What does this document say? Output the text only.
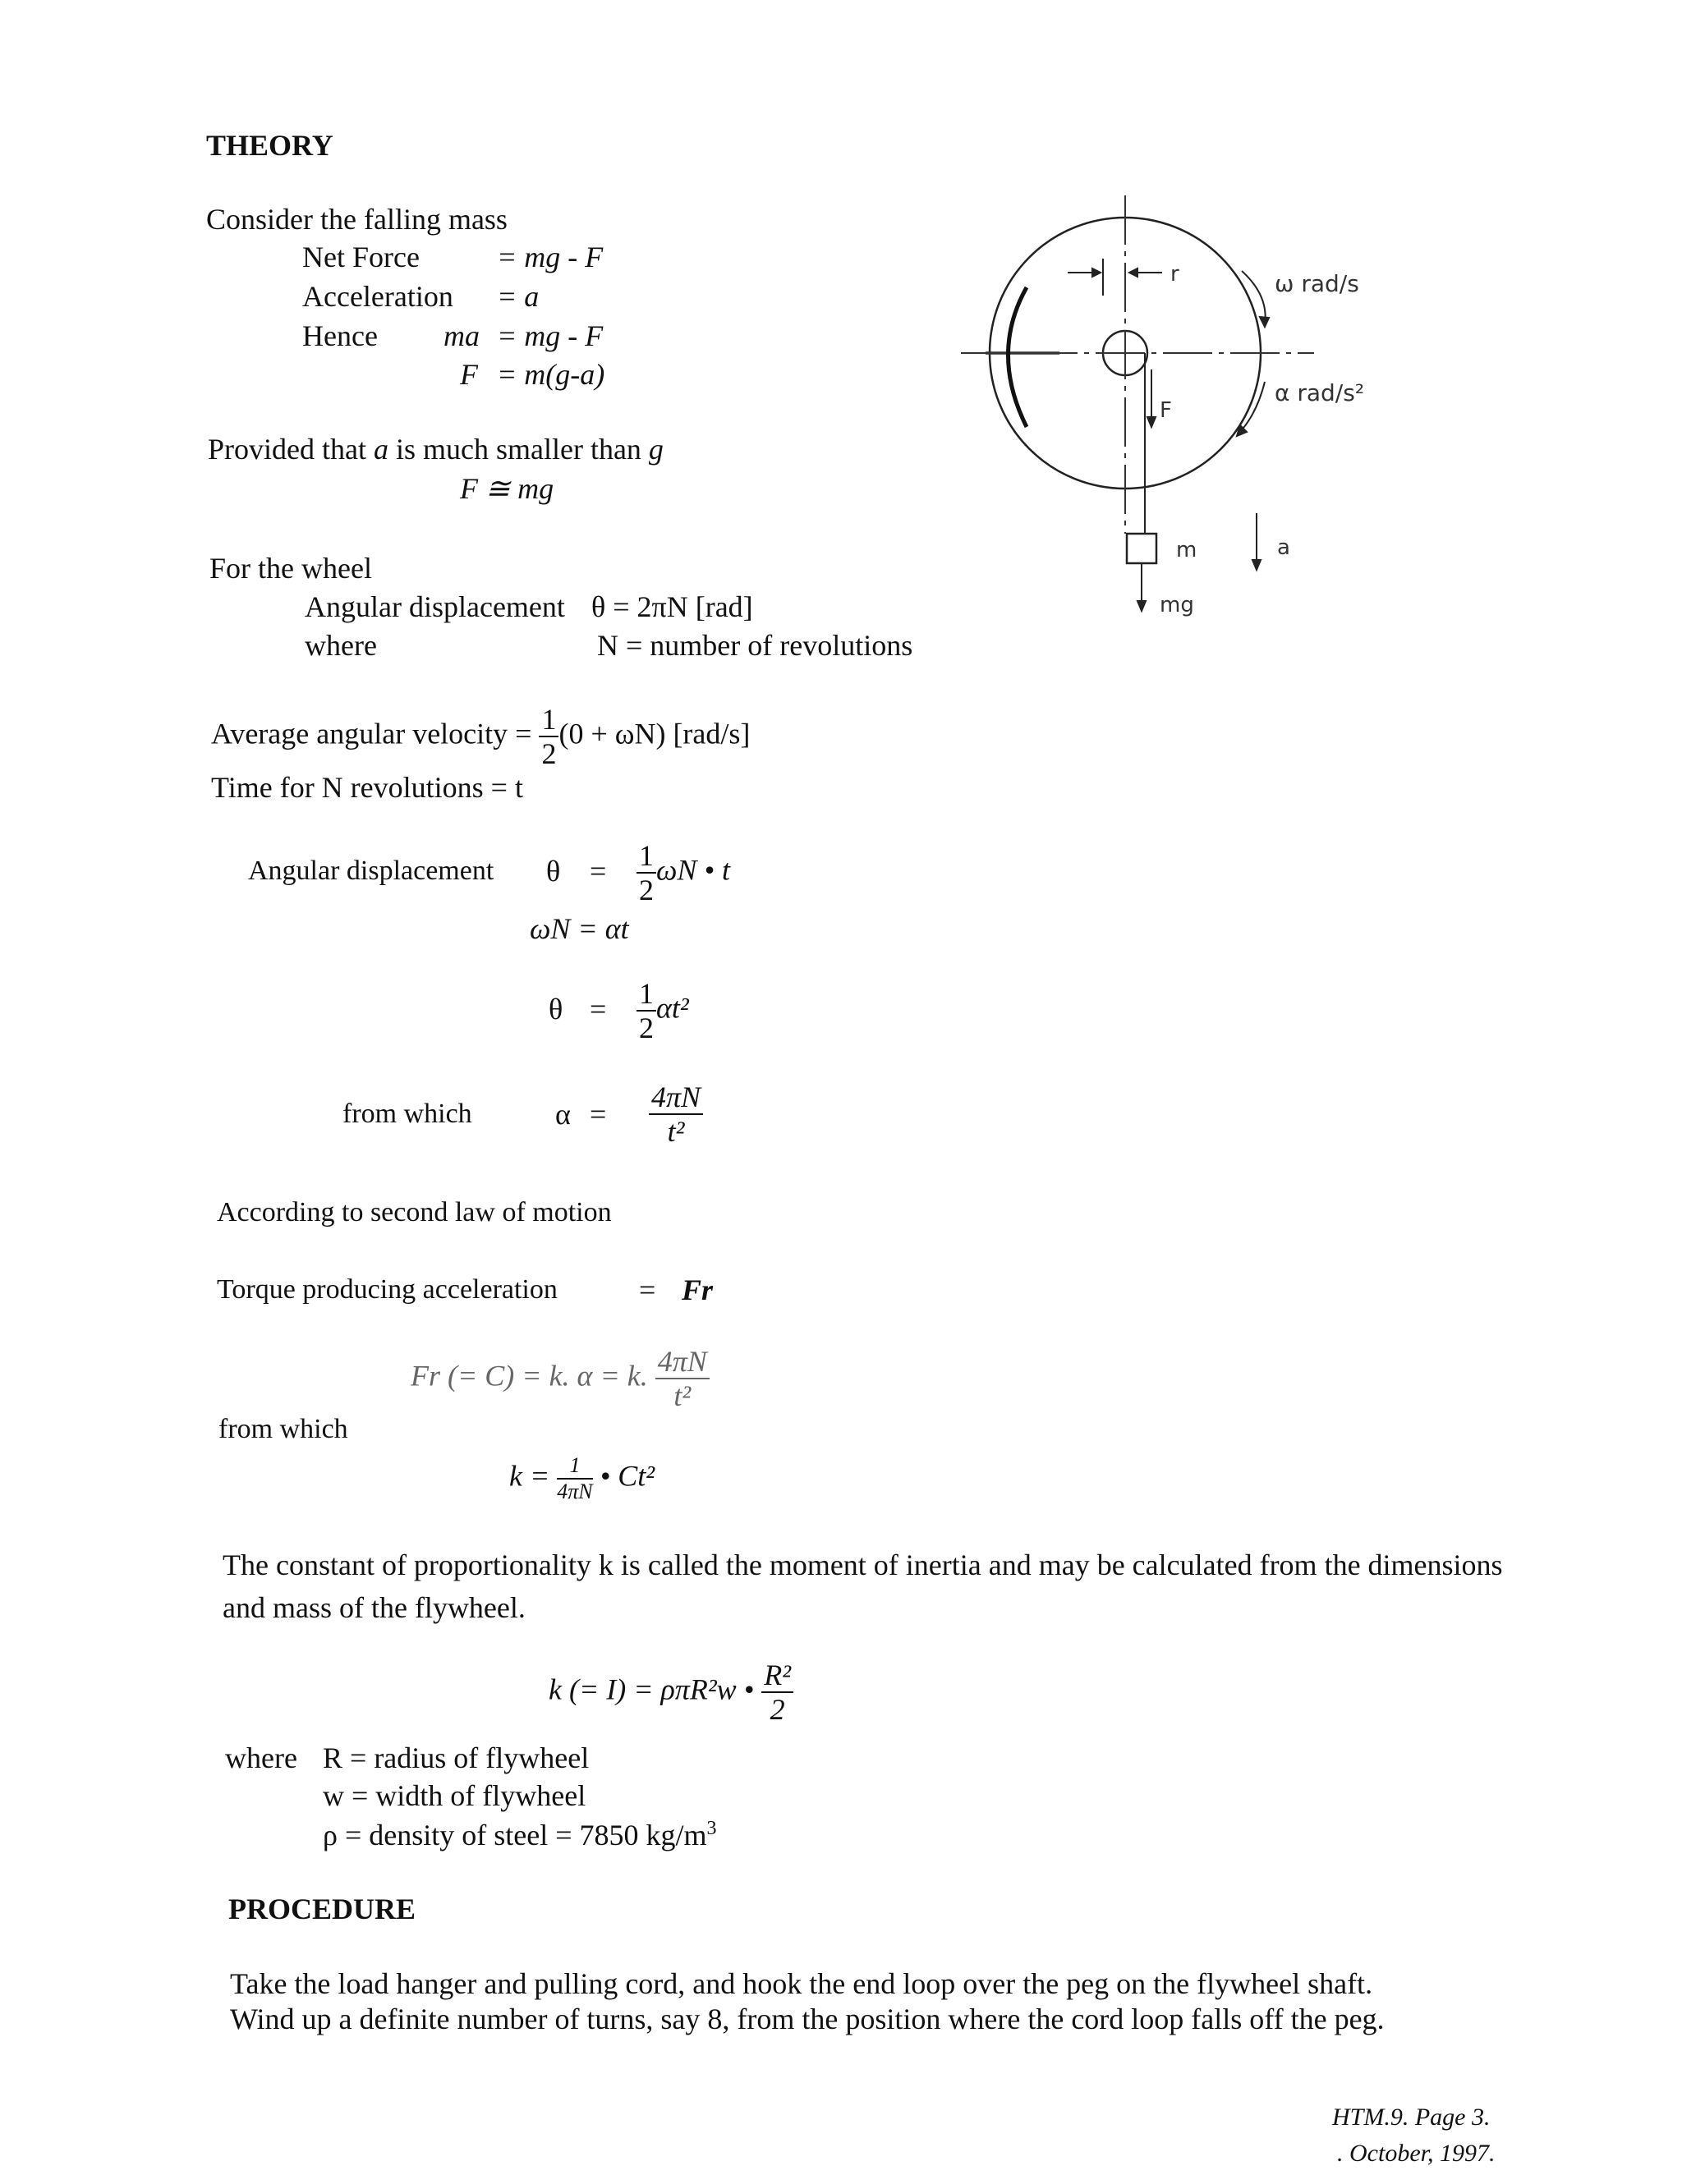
THEORY
Consider the falling mass
Net Force	= mg - F
Acceleration = a
Hence ma = mg - F
F = m(g-a)
Provided that a is much smaller than g
F ≅ mg
For the wheel
Angular displacement θ = 2πN [rad]
where	N = number of revolutions
Average angular velocity = $\frac{1}{2} (0 + \omega N)$ [rad/s]
Time for N revolutions = t
Angular displacement $\theta = \frac{1}{2}$ ωN • t
ωN = αt
$\theta = \frac{1}{2} \alpha t^2$
from which	$\alpha = \frac{4\pi N}{\text{t²}}$
According to second law of motion
Torque producing acceleration	= Fr
Fr (= C) = k. α = k. $\frac{4\pi N}{\text{t²}}$
from which
$k = \frac{1}{4\pi N}$ • Ct²
The constant of proportionality k is called the moment of inertia and may be calculated from the dimensions and mass of the flywheel.
k (= I) = ρπR²w • $\frac{\text{R²}}{2}$
where R = radius of flywheel
w = width of flywheel
ρ = density of steel = 7850 $kg/m^3$
PROCEDURE
Take the load hanger and pulling cord, and hook the end loop over the peg on the flywheel shaft.
Wind up a definite number of turns, say 8, from the position where the cord loop falls off the peg.
HTM.9. Page 3.
. October, 1997.
r
F
m
mg
a
ω rad/s
α rad/s²
